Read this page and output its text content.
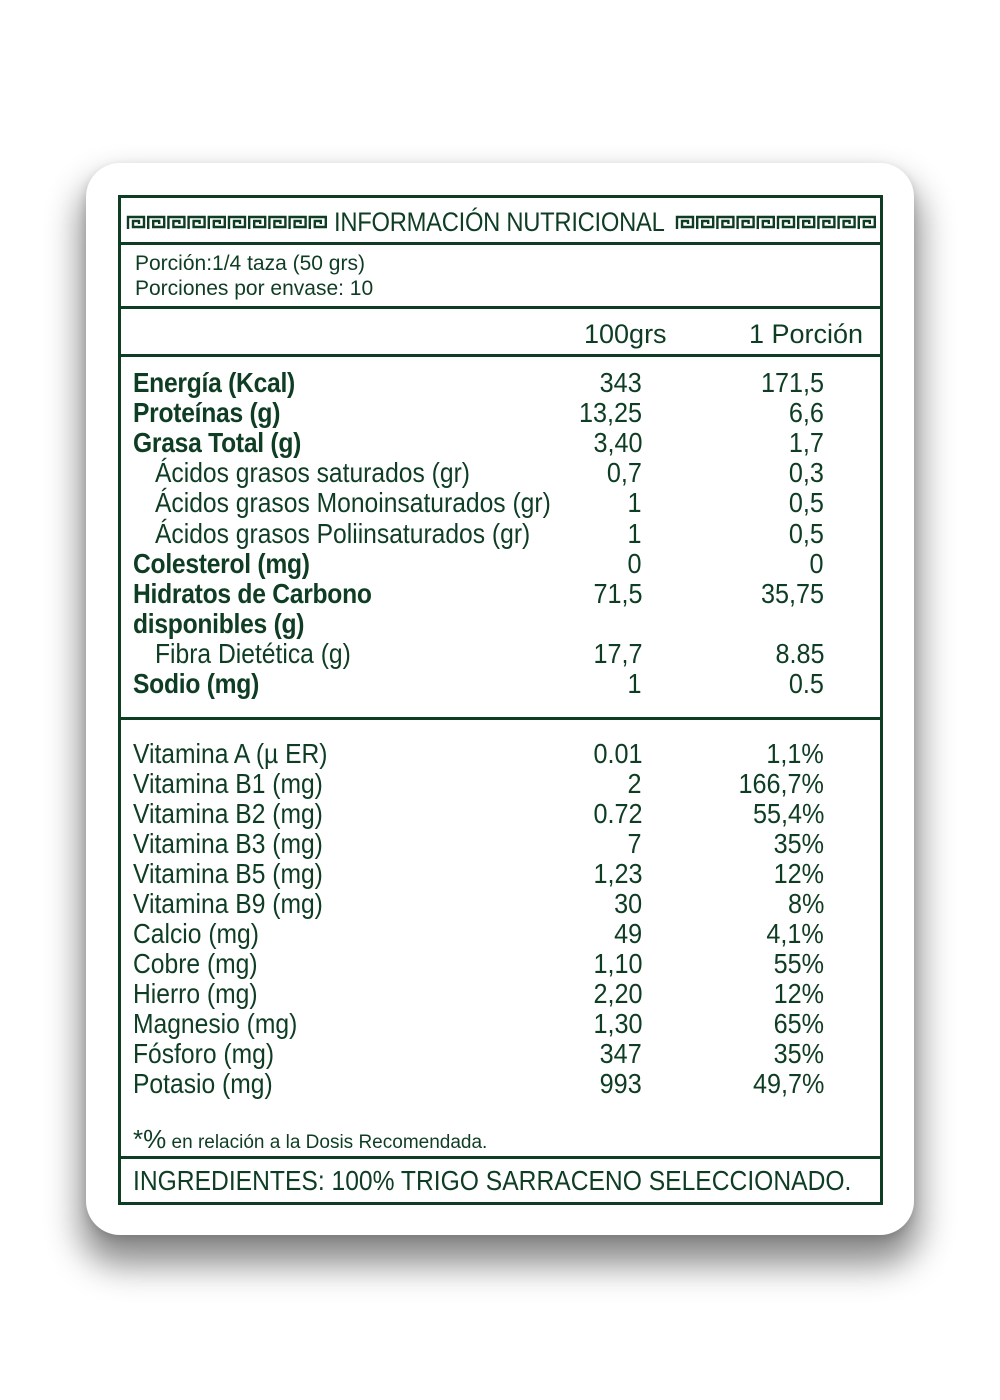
INFORMACIÓN NUTRICIONAL
Porción:1/4 taza (50 grs)
Porciones por envase: 10
100grs	1 Porción
Energía (Kcal)	343	171,5
Proteínas (g)	13,25	6,6
Grasa Total (g)	3,40	1,7
Ácidos grasos saturados (gr)	0,7	0,3
Ácidos grasos Monoinsaturados (gr)	1	0,5
Ácidos grasos Poliinsaturados (gr)	1	0,5
Colesterol (mg)	0	0
Hidratos de Carbono	71,5	35,75
disponibles (g)
Fibra Dietética (g)	17,7	8.85
Sodio (mg)	1	0.5
Vitamina A (µ ER)	0.01	1,1%
Vitamina B1 (mg)	2	166,7%
Vitamina B2 (mg)	0.72	55,4%
Vitamina B3 (mg)	7	35%
Vitamina B5 (mg)	1,23	12%
Vitamina B9 (mg)	30	8%
Calcio (mg)	49	4,1%
Cobre (mg)	1,10	55%
Hierro (mg)	2,20	12%
Magnesio (mg)	1,30	65%
Fósforo (mg)	347	35%
Potasio (mg)	993	49,7%
*% en relación a la Dosis Recomendada.
INGREDIENTES: 100% TRIGO SARRACENO SELECCIONADO.
